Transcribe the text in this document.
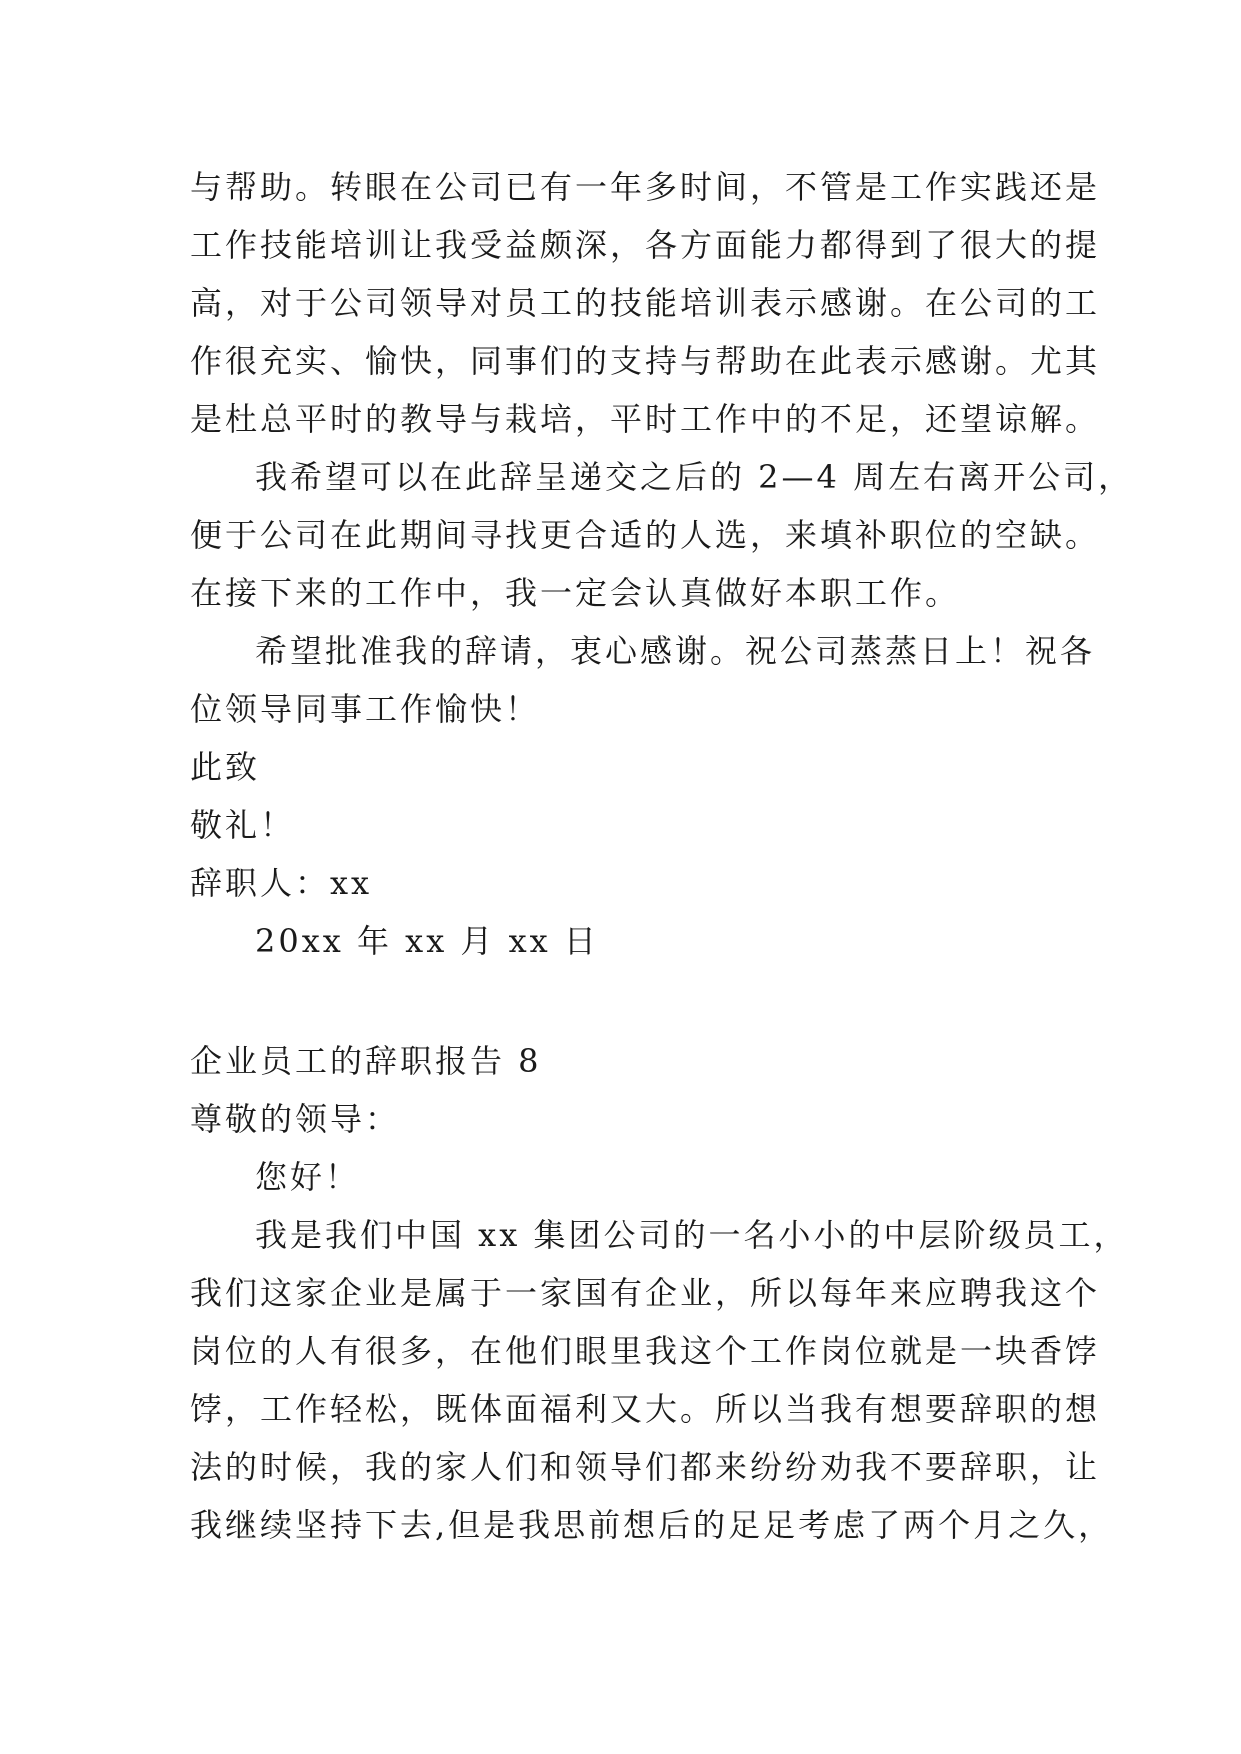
与帮助。转眼在公司已有一年多时间，不管是工作实践还是
工作技能培训让我受益颇深，各方面能力都得到了很大的提
高，对于公司领导对员工的技能培训表示感谢。在公司的工
作很充实、愉快，同事们的支持与帮助在此表示感谢。尤其
是杜总平时的教导与栽培，平时工作中的不足，还望谅解。
我希望可以在此辞呈递交之后的 2—4 周左右离开公司，
便于公司在此期间寻找更合适的人选，来填补职位的空缺。
在接下来的工作中，我一定会认真做好本职工作。
希望批准我的辞请，衷心感谢。祝公司蒸蒸日上！祝各
位领导同事工作愉快！
此致
敬礼！
辞职人：xx
20xx 年 xx 月 xx 日
企业员工的辞职报告 8
尊敬的领导：
您好！
我是我们中国 xx 集团公司的一名小小的中层阶级员工，
我们这家企业是属于一家国有企业，所以每年来应聘我这个
岗位的人有很多，在他们眼里我这个工作岗位就是一块香饽
饽，工作轻松，既体面福利又大。所以当我有想要辞职的想
法的时候，我的家人们和领导们都来纷纷劝我不要辞职，让
我继续坚持下去,但是我思前想后的足足考虑了两个月之久，
